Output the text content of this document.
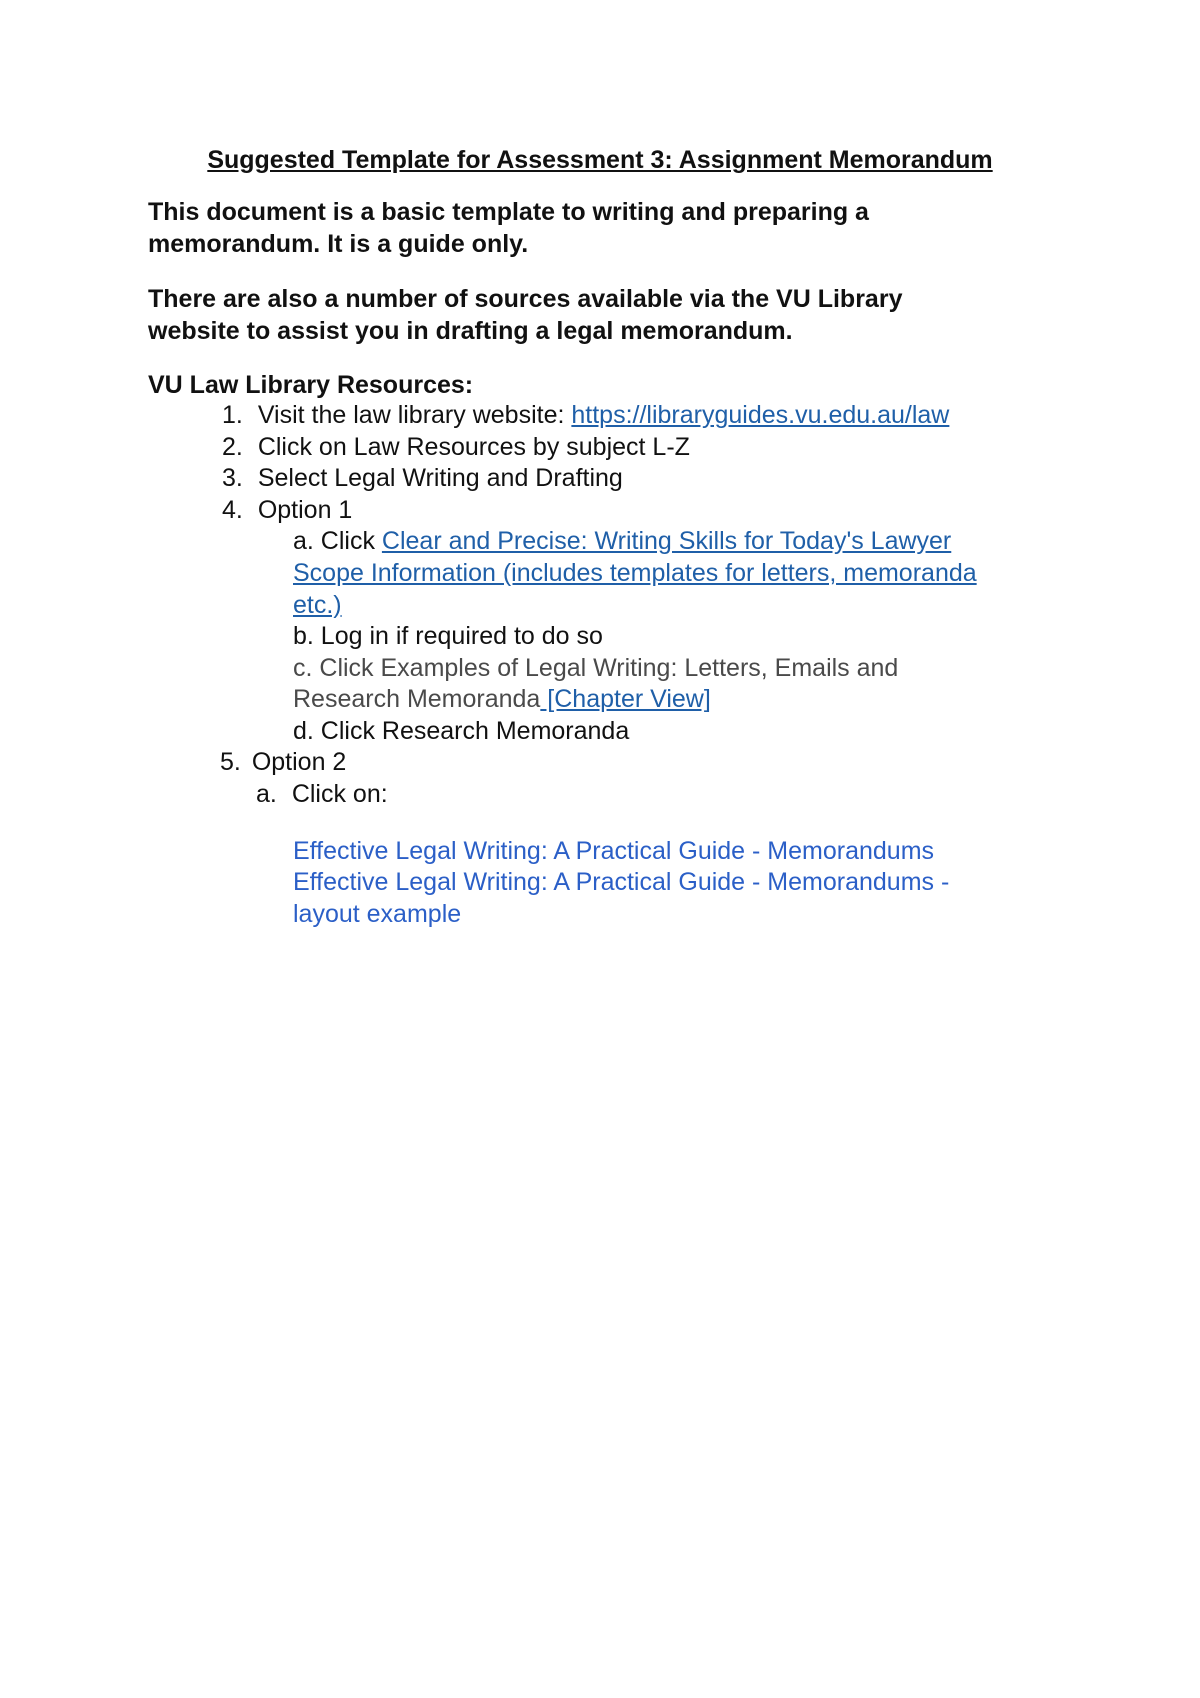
Suggested Template for Assessment 3: Assignment Memorandum

This document is a basic template to writing and preparing a

memorandum. It is a guide only.

There are also a number of sources available via the VU Library

website to assist you in drafting a legal memorandum.

VU Law Library Resources:
1. Visit the law library website: https://libraryguides.vu.edu.au/law
2. Click on Law Resources by subject L-Z
3. Select Legal Writing and Drafting
4. Option 1
a. Click Clear and Precise: Writing Skills for Today's Lawyer
Scope Information (includes templates for letters, memoranda
etc.)
b. Log in if required to do so
c. Click Examples of Legal Writing: Letters, Emails and
Research Memoranda [Chapter View]
d. Click Research Memoranda
5. Option 2
a. Click on:
Effective Legal Writing: A Practical Guide - Memorandums
Effective Legal Writing: A Practical Guide - Memorandums -
layout example
